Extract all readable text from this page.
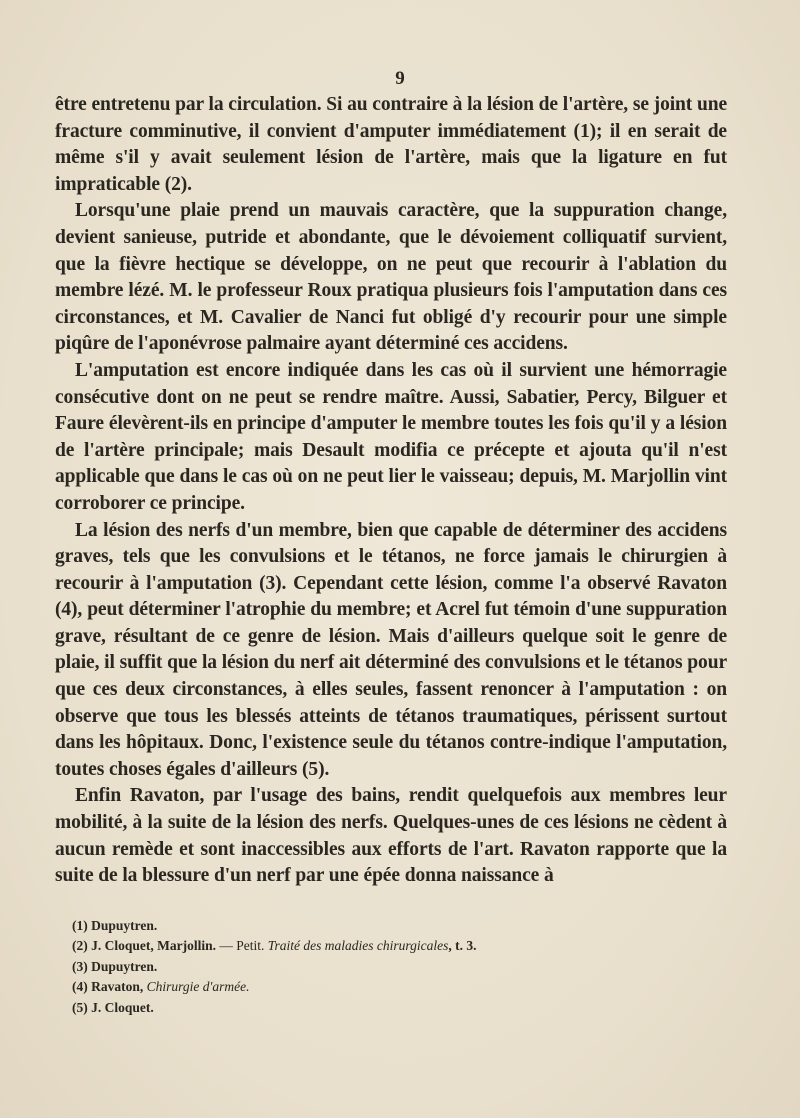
9

être entretenu par la circulation. Si au contraire à la lésion de l'artère, se joint une fracture comminutive, il convient d'amputer immédiatement (1); il en serait de même s'il y avait seulement lésion de l'artère, mais que la ligature en fut impraticable (2).

Lorsqu'une plaie prend un mauvais caractère, que la suppuration change, devient sanieuse, putride et abondante, que le dévoiement colliquatif survient, que la fièvre hectique se développe, on ne peut que recourir à l'ablation du membre lézé. M. le professeur Roux pratiqua plusieurs fois l'amputation dans ces circonstances, et M. Cavalier de Nanci fut obligé d'y recourir pour une simple piqûre de l'aponévrose palmaire ayant déterminé ces accidens.

L'amputation est encore indiquée dans les cas où il survient une hémorragie consécutive dont on ne peut se rendre maître. Aussi, Sabatier, Percy, Bilguer et Faure élevèrent-ils en principe d'amputer le membre toutes les fois qu'il y a lésion de l'artère principale; mais Desault modifia ce précepte et ajouta qu'il n'est applicable que dans le cas où on ne peut lier le vaisseau; depuis, M. Marjollin vint corroborer ce principe.

La lésion des nerfs d'un membre, bien que capable de déterminer des accidens graves, tels que les convulsions et le tétanos, ne force jamais le chirurgien à recourir à l'amputation (3). Cependant cette lésion, comme l'a observé Ravaton (4), peut déterminer l'atrophie du membre; et Acrel fut témoin d'une suppuration grave, résultant de ce genre de lésion. Mais d'ailleurs quelque soit le genre de plaie, il suffit que la lésion du nerf ait déterminé des convulsions et le tétanos pour que ces deux circonstances, à elles seules, fassent renoncer à l'amputation : on observe que tous les blessés atteints de tétanos traumatiques, périssent surtout dans les hôpitaux. Donc, l'existence seule du tétanos contre-indique l'amputation, toutes choses égales d'ailleurs (5).

Enfin Ravaton, par l'usage des bains, rendit quelquefois aux membres leur mobilité, à la suite de la lésion des nerfs. Quelques-unes de ces lésions ne cèdent à aucun remède et sont inaccessibles aux efforts de l'art. Ravaton rapporte que la suite de la blessure d'un nerf par une épée donna naissance à

(1) Dupuytren.
(2) J. Cloquet, Marjollin. — Petit. Traité des maladies chirurgicales, t. 3.
(3) Dupuytren.
(4) Ravaton, Chirurgie d'armée.
(5) J. Cloquet.
